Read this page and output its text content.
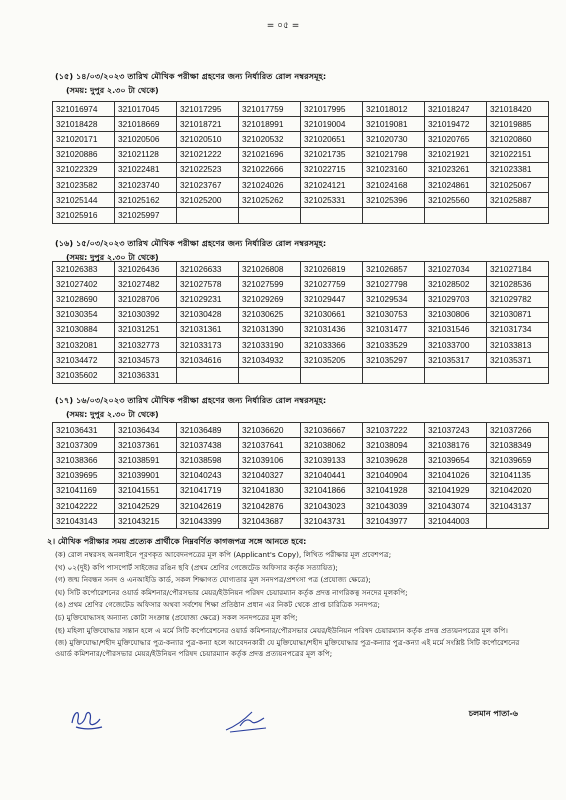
= ০৫ =
(১৫) ১৪/০৩/২০২৩ তারিখ মৌখিক পরীক্ষা গ্রহণের জন্য নির্ধারিত রোল নম্বরসমূহ:
(সময়: দুপুর ২.৩০ টা থেকে)
321016974	321017045	321017295	321017759	321017995	321018012	321018247	321018420
321018428	321018669	321018721	321018991	321019004	321019081	321019472	321019885
321020171	321020506	321020510	321020532	321020651	321020730	321020765	321020860
321020886	321021128	321021222	321021696	321021735	321021798	321021921	321022151
321022329	321022481	321022523	321022666	321022715	321023160	321023261	321023381
321023582	321023740	321023767	321024026	321024121	321024168	321024861	321025067
321025144	321025162	321025200	321025262	321025331	321025396	321025560	321025887
321025916	321025997						
(১৬) ১৫/০৩/২০২৩ তারিখ মৌখিক পরীক্ষা গ্রহণের জন্য নির্ধারিত রোল নম্বরসমূহ:
(সময়: দুপুর ২.৩০ টা থেকে)
321026383	321026436	321026633	321026808	321026819	321026857	321027034	321027184
321027402	321027482	321027578	321027599	321027759	321027798	321028502	321028536
321028690	321028706	321029231	321029269	321029447	321029534	321029703	321029782
321030354	321030392	321030428	321030625	321030661	321030753	321030806	321030871
321030884	321031251	321031361	321031390	321031436	321031477	321031546	321031734
321032081	321032773	321033173	321033190	321033366	321033529	321033700	321033813
321034472	321034573	321034616	321034932	321035205	321035297	321035317	321035371
321035602	321036331						
(১৭) ১৬/০৩/২০২৩ তারিখ মৌখিক পরীক্ষা গ্রহণের জন্য নির্ধারিত রোল নম্বরসমূহ:
(সময়: দুপুর ২.৩০ টা থেকে)
321036431	321036434	321036489	321036620	321036667	321037222	321037243	321037266
321037309	321037361	321037438	321037641	321038062	321038094	321038176	321038349
321038366	321038591	321038598	321039106	321039133	321039628	321039654	321039659
321039695	321039901	321040243	321040327	321040441	321040904	321041026	321041135
321041169	321041551	321041719	321041830	321041866	321041928	321041929	321042020
321042222	321042529	321042619	321042876	321043023	321043039	321043074	321043137
321043143	321043215	321043399	321043687	321043731	321043977	321044003	
২। মৌখিক পরীক্ষার সময় প্রত্যেক প্রার্থীকে নিম্নবর্ণিত কাগজপত্র সঙ্গে আনতে হবে:
(ক) রোল নম্বরসহ অনলাইনে পূরণকৃত আবেদনপত্রের মূল কপি (Applicant's Copy), লিখিত পরীক্ষার মূল প্রবেশপত্র;
(খ) ০২(দুই) কপি পাসপোর্ট সাইজের রঙিন ছবি (প্রথম শ্রেণির গেজেটেড অফিসার কর্তৃক সত্যায়িত);
(গ) জন্ম নিবন্ধন সনদ ও এনআইডি কার্ড, সকল শিক্ষাগত যোগ্যতার মূল সনদপত্র/প্রশংসা পত্র (প্রযোজ্য ক্ষেত্রে);
(ঘ) সিটি কর্পোরেশনের ওয়ার্ড কমিশনার/পৌরসভার মেয়র/ইউনিয়ন পরিষদ চেয়ারম্যান কর্তৃক প্রদত্ত নাগরিকত্ব সনদের মূলকপি;
(ঙ) প্রথম শ্রেণির গেজেটেড অফিসার অথবা সর্বশেষ শিক্ষা প্রতিষ্ঠান প্রধান এর নিকট থেকে প্রাপ্ত চারিত্রিক সনদপত্র;
(চ) মুক্তিযোদ্ধাসহ অন্যান্য কোটা সংক্রান্ত (প্রযোজ্য ক্ষেত্রে) সকল সনদপত্রের মূল কপি;
(ছ) মহিলা মুক্তিযোদ্ধার সন্তান হলে এ মর্মে সিটি কর্পোরেশনের ওয়ার্ড কমিশনার/পৌরসভার মেয়র/ইউনিয়ন পরিষদ চেয়ারম্যান কর্তৃক প্রদত্ত প্রত্যয়নপত্রের মূল কপি।
(জ) মুক্তিযোদ্ধা/শহীদ মুক্তিযোদ্ধার পুত্র-কন্যার পুত্র-কন্যা হলে আবেদনকারী যে মুক্তিযোদ্ধা/শহীদ মুক্তিযোদ্ধার পুত্র-কন্যার পুত্র-কন্যা এই মর্মে সংশ্লিষ্ট সিটি কর্পোরেশনের ওয়ার্ড কমিশনার/পৌরসভার মেয়র/ইউনিয়ন পরিষদ চেয়ারম্যান কর্তৃক প্রদত্ত প্রত্যয়নপত্রের মূল কপি;
চলমান পাতা-৬
